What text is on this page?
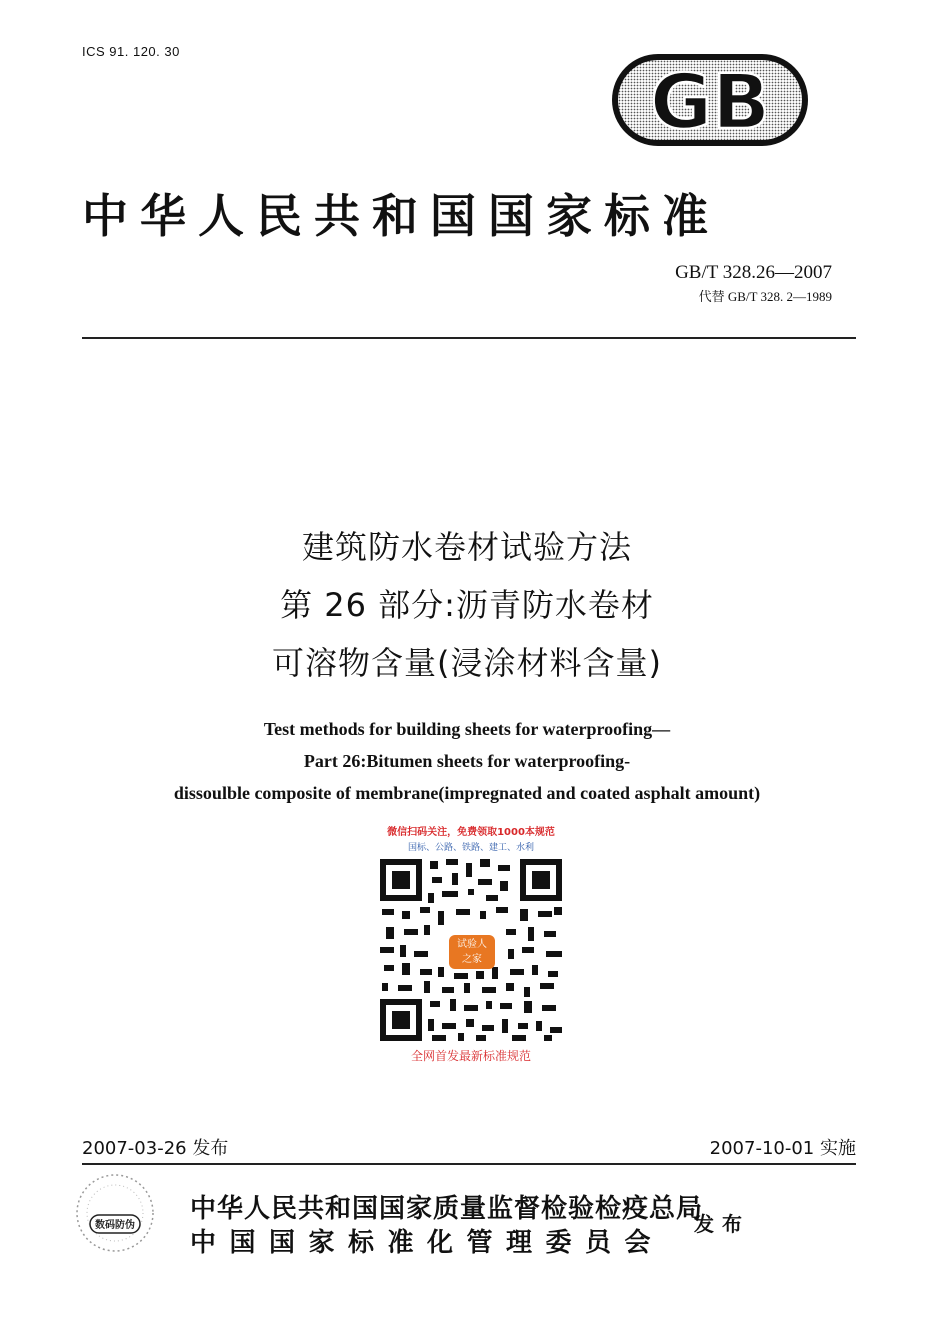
ICS 91. 120. 30
GB
中华人民共和国国家标准
GB/T 328.26—2007
代替 GB/T 328. 2—1989
建筑防水卷材试验方法
第 26 部分:沥青防水卷材
可溶物含量(浸涂材料含量)
Test methods for building sheets for waterproofing—
Part 26:Bitumen sheets for waterproofing-
dissoulble composite of membrane(impregnated and coated asphalt amount)
微信扫码关注，免费领取1000本规范
国标、公路、铁路、建工、水利
试验人
之家
全网首发最新标准规范
2007-03-26 发布	2007-10-01 实施
数码防伪
中华人民共和国国家质量监督检验检疫总局
中国国家标准化管理委员会
发布
